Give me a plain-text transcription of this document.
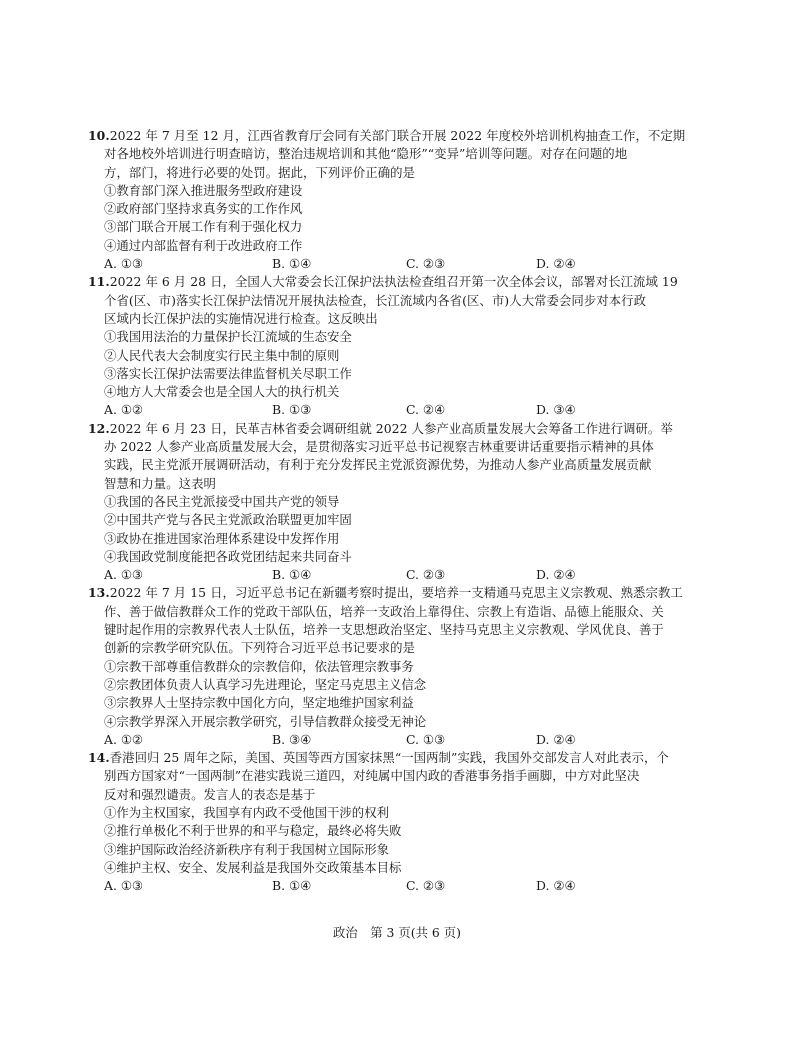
10.2022 年 7 月至 12 月，江西省教育厅会同有关部门联合开展 2022 年度校外培训机构抽查工作，不定期
对各地校外培训进行明查暗访，整治违规培训和其他“隐形”“变异”培训等问题。对存在问题的地
方，部门，将进行必要的处罚。据此，下列评价正确的是
①教育部门深入推进服务型政府建设
②政府部门坚持求真务实的工作作风
③部门联合开展工作有利于强化权力
④通过内部监督有利于改进政府工作
A. ①③	B. ①④	C. ②③	D. ②④
11.2022 年 6 月 28 日，全国人大常委会长江保护法执法检查组召开第一次全体会议，部署对长江流域 19
个省(区、市)落实长江保护法情况开展执法检查，长江流域内各省(区、市)人大常委会同步对本行政
区域内长江保护法的实施情况进行检查。这反映出
①我国用法治的力量保护长江流域的生态安全
②人民代表大会制度实行民主集中制的原则
③落实长江保护法需要法律监督机关尽职工作
④地方人大常委会也是全国人大的执行机关
A. ①②	B. ①③	C. ②④	D. ③④
12.2022 年 6 月 23 日，民革吉林省委会调研组就 2022 人参产业高质量发展大会筹备工作进行调研。举
办 2022 人参产业高质量发展大会，是贯彻落实习近平总书记视察吉林重要讲话重要指示精神的具体
实践，民主党派开展调研活动，有利于充分发挥民主党派资源优势，为推动人参产业高质量发展贡献
智慧和力量。这表明
①我国的各民主党派接受中国共产党的领导
②中国共产党与各民主党派政治联盟更加牢固
③政协在推进国家治理体系建设中发挥作用
④我国政党制度能把各政党团结起来共同奋斗
A. ①③	B. ①④	C. ②③	D. ②④
13.2022 年 7 月 15 日，习近平总书记在新疆考察时提出，要培养一支精通马克思主义宗教观、熟悉宗教工
作、善于做信教群众工作的党政干部队伍，培养一支政治上靠得住、宗教上有造诣、品德上能服众、关
键时起作用的宗教界代表人士队伍，培养一支思想政治坚定、坚持马克思主义宗教观、学风优良、善于
创新的宗教学研究队伍。下列符合习近平总书记要求的是
①宗教干部尊重信教群众的宗教信仰，依法管理宗教事务
②宗教团体负责人认真学习先进理论，坚定马克思主义信念
③宗教界人士坚持宗教中国化方向，坚定地维护国家利益
④宗教学界深入开展宗教学研究，引导信教群众接受无神论
A. ①②	B. ③④	C. ①③	D. ②④
14.香港回归 25 周年之际，美国、英国等西方国家抹黑“一国两制”实践，我国外交部发言人对此表示，个
别西方国家对“一国两制”在港实践说三道四，对纯属中国内政的香港事务指手画脚，中方对此坚决
反对和强烈谴责。发言人的表态是基于
①作为主权国家，我国享有内政不受他国干涉的权利
②推行单极化不利于世界的和平与稳定，最终必将失败
③维护国际政治经济新秩序有利于我国树立国际形象
④维护主权、安全、发展利益是我国外交政策基本目标
A. ①③	B. ①④	C. ②③	D. ②④
政治　第 3 页(共 6 页)
